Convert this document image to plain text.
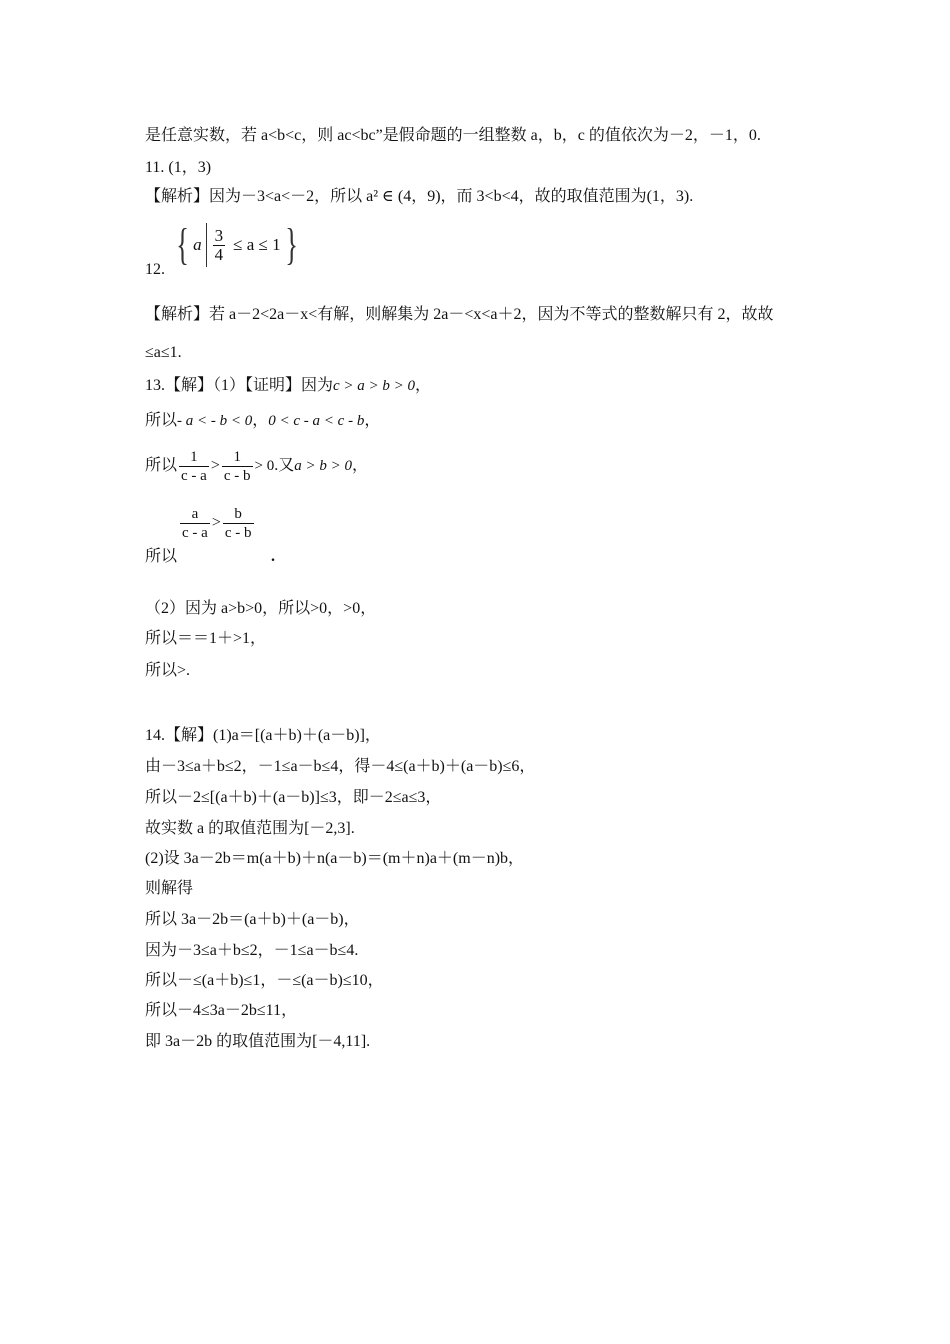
是任意实数，若 a<b<c，则 ac<bc”是假命题的一组整数 a，b，c 的值依次为－2，－1，0.
11. (1，3)
【解析】因为－3<a<－2，所以 a² ∈ (4，9)，而 3<b<4，故的取值范围为(1，3).
{ a $\frac{3}{4} \le a \le 1$ }
12.
【解析】若 a－2<2a－x<有解，则解集为 2a－<x<a＋2，因为不等式的整数解只有 2，故故
≤a≤1.
13.【解】（1）【证明】因为c > a > b > 0，
所以- a < - b < 0，0 < c - a < c - b，
所以 $\frac{1}{c - a} > \frac{1}{c - b} > 0$.又a > b > 0，
$\frac{a}{c - a} > \frac{b}{c - b}$
所以	.
（2）因为 a>b>0，所以>0，>0，
所以＝＝1＋>1，
所以>.
14.【解】(1)a＝[(a＋b)＋(a－b)]，
由－3≤a＋b≤2，－1≤a－b≤4，得－4≤(a＋b)＋(a－b)≤6，
所以－2≤[(a＋b)＋(a－b)]≤3，即－2≤a≤3，
故实数 a 的取值范围为[－2,3].
(2)设 3a－2b＝m(a＋b)＋n(a－b)＝(m＋n)a＋(m－n)b，
则解得
所以 3a－2b＝(a＋b)＋(a－b)，
因为－3≤a＋b≤2，－1≤a－b≤4.
所以－≤(a＋b)≤1，－≤(a－b)≤10，
所以－4≤3a－2b≤11，
即 3a－2b 的取值范围为[－4,11].
